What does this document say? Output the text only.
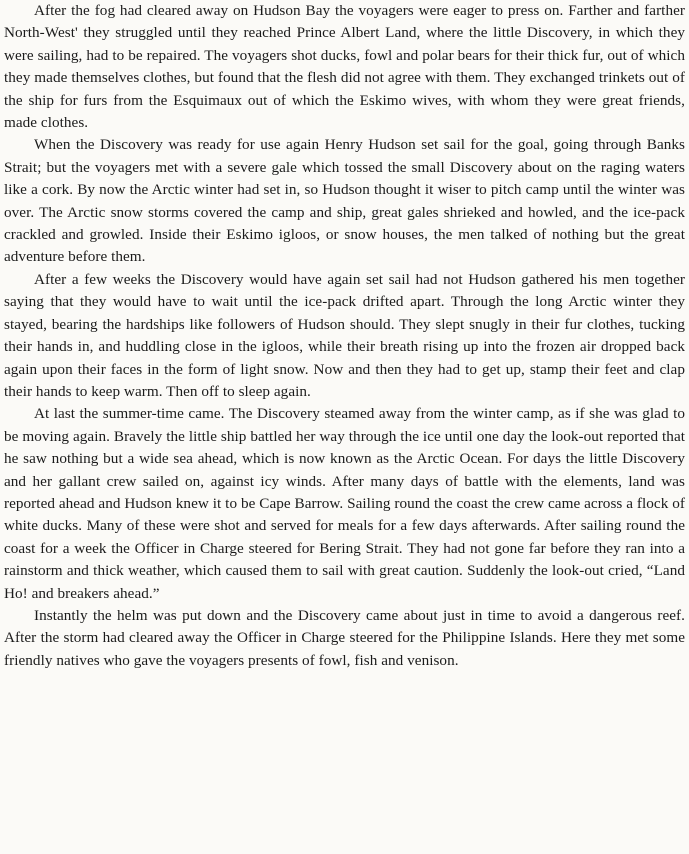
After the fog had cleared away on Hudson Bay the voyagers were eager to press on. Farther and farther North-West' they struggled until they reached Prince Albert Land, where the little Discovery, in which they were sailing, had to be repaired. The voyagers shot ducks, fowl and polar bears for their thick fur, out of which they made themselves clothes, but found that the flesh did not agree with them. They exchanged trinkets out of the ship for furs from the Esquimaux out of which the Eskimo wives, with whom they were great friends, made clothes.

When the Discovery was ready for use again Henry Hudson set sail for the goal, going through Banks Strait; but the voyagers met with a severe gale which tossed the small Discovery about on the raging waters like a cork. By now the Arctic winter had set in, so Hudson thought it wiser to pitch camp until the winter was over. The Arctic snow storms covered the camp and ship, great gales shrieked and howled, and the ice-pack crackled and growled. Inside their Eskimo igloos, or snow houses, the men talked of nothing but the great adventure before them.

After a few weeks the Discovery would have again set sail had not Hudson gathered his men together saying that they would have to wait until the ice-pack drifted apart. Through the long Arctic winter they stayed, bearing the hardships like followers of Hudson should. They slept snugly in their fur clothes, tucking their hands in, and huddling close in the igloos, while their breath rising up into the frozen air dropped back again upon their faces in the form of light snow. Now and then they had to get up, stamp their feet and clap their hands to keep warm. Then off to sleep again.

At last the summer-time came. The Discovery steamed away from the winter camp, as if she was glad to be moving again. Bravely the little ship battled her way through the ice until one day the look-out reported that he saw nothing but a wide sea ahead, which is now known as the Arctic Ocean. For days the little Discovery and her gallant crew sailed on, against icy winds. After many days of battle with the elements, land was reported ahead and Hudson knew it to be Cape Barrow. Sailing round the coast the crew came across a flock of white ducks. Many of these were shot and served for meals for a few days afterwards. After sailing round the coast for a week the Officer in Charge steered for Bering Strait. They had not gone far before they ran into a rainstorm and thick weather, which caused them to sail with great caution. Suddenly the look-out cried, “Land Ho! and breakers ahead.”

Instantly the helm was put down and the Discovery came about just in time to avoid a dangerous reef. After the storm had cleared away the Officer in Charge steered for the Philippine Islands. Here they met some friendly natives who gave the voyagers presents of fowl, fish and venison.
